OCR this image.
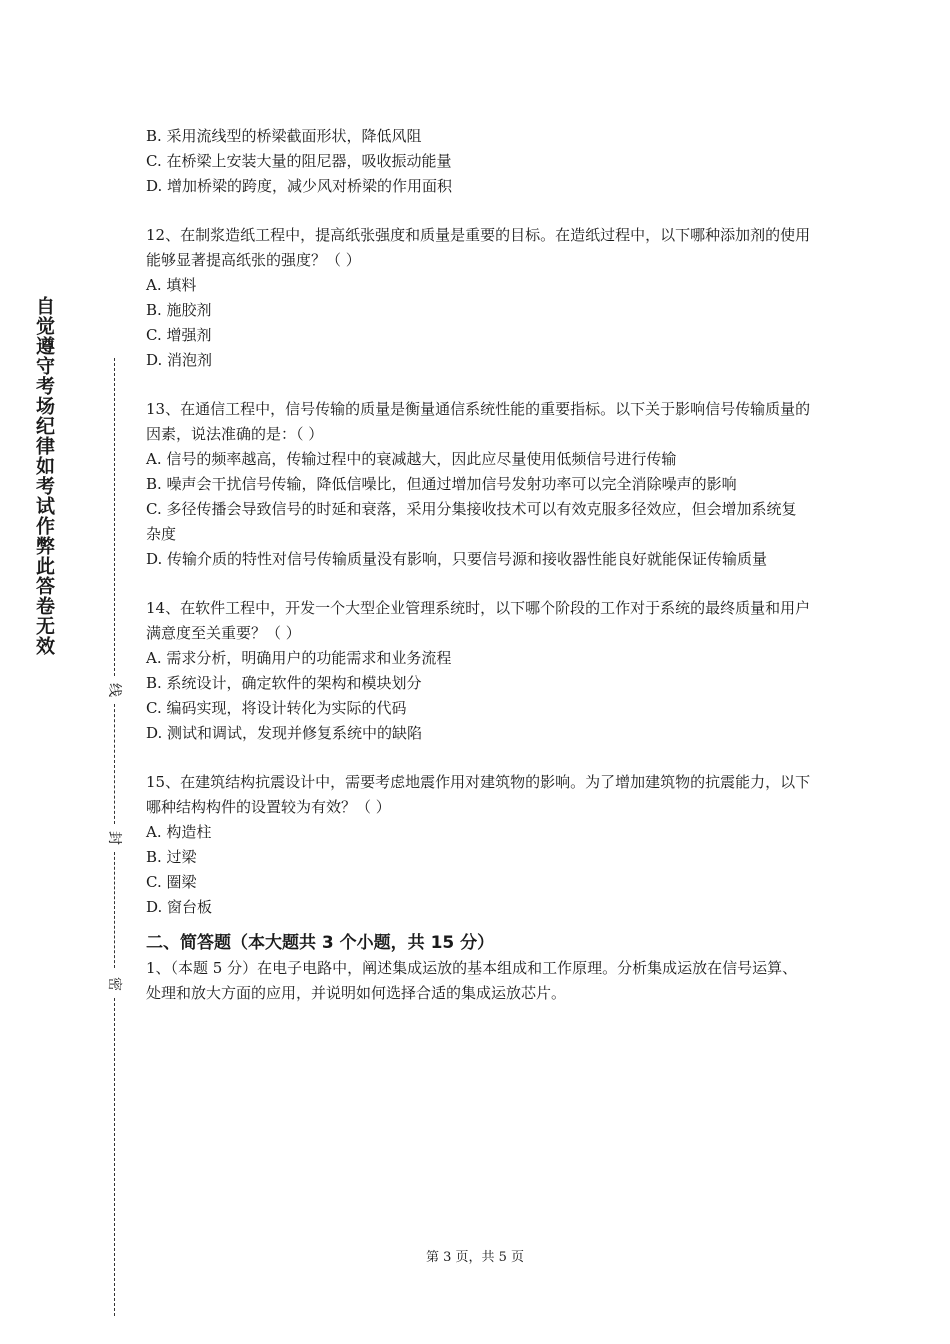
自觉遵守考场纪律如考试作弊此答卷无效
线
封
密
B. 采用流线型的桥梁截面形状，降低风阻
C. 在桥梁上安装大量的阻尼器，吸收振动能量
D. 增加桥梁的跨度，减少风对桥梁的作用面积
12、在制浆造纸工程中，提高纸张强度和质量是重要的目标。在造纸过程中，以下哪种添加剂的使用能够显著提高纸张的强度？（ ）
A. 填料
B. 施胶剂
C. 增强剂
D. 消泡剂
13、在通信工程中，信号传输的质量是衡量通信系统性能的重要指标。以下关于影响信号传输质量的因素，说法准确的是：（ ）
A. 信号的频率越高，传输过程中的衰减越大，因此应尽量使用低频信号进行传输
B. 噪声会干扰信号传输，降低信噪比，但通过增加信号发射功率可以完全消除噪声的影响
C. 多径传播会导致信号的时延和衰落，采用分集接收技术可以有效克服多径效应，但会增加系统复杂度
D. 传输介质的特性对信号传输质量没有影响，只要信号源和接收器性能良好就能保证传输质量
14、在软件工程中，开发一个大型企业管理系统时，以下哪个阶段的工作对于系统的最终质量和用户满意度至关重要？（ ）
A. 需求分析，明确用户的功能需求和业务流程
B. 系统设计，确定软件的架构和模块划分
C. 编码实现，将设计转化为实际的代码
D. 测试和调试，发现并修复系统中的缺陷
15、在建筑结构抗震设计中，需要考虑地震作用对建筑物的影响。为了增加建筑物的抗震能力，以下哪种结构构件的设置较为有效？（ ）
A. 构造柱
B. 过梁
C. 圈梁
D. 窗台板
二、简答题（本大题共 3 个小题，共 15 分）
1、（本题 5 分）在电子电路中，阐述集成运放的基本组成和工作原理。分析集成运放在信号运算、处理和放大方面的应用，并说明如何选择合适的集成运放芯片。
第 3 页，共 5 页
